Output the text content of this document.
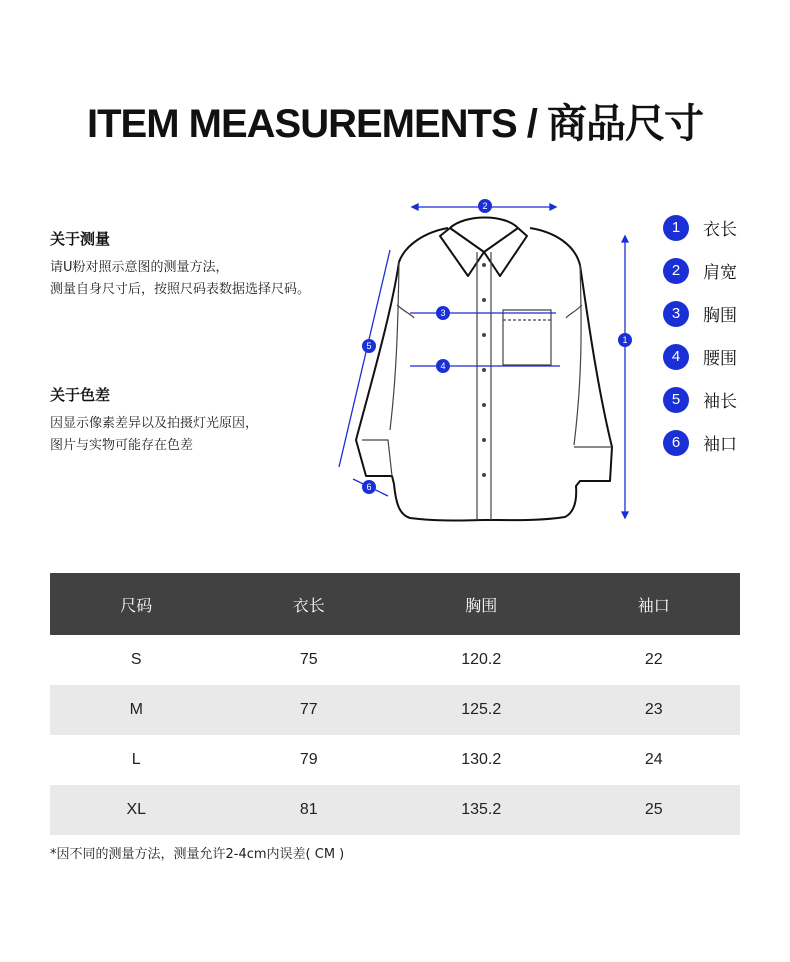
ITEM MEASUREMENTS / 商品尺寸

关于测量

请U粉对照示意图的测量方法，

测量自身尺寸后，按照尺码表数据选择尺码。

关于色差

因显示像素差异以及拍摄灯光原因，

图片与实物可能存在色差

2
1
3
4
5
6
1	衣长
2	肩宽
3	胸围
4	腰围
5	袖长
6	袖口
尺码	衣长	胸围	袖口
S	75	120.2	22
M	77	125.2	23
L	79	130.2	24
XL	81	135.2	25
*因不同的测量方法，测量允许2-4cm内误差( CM )
